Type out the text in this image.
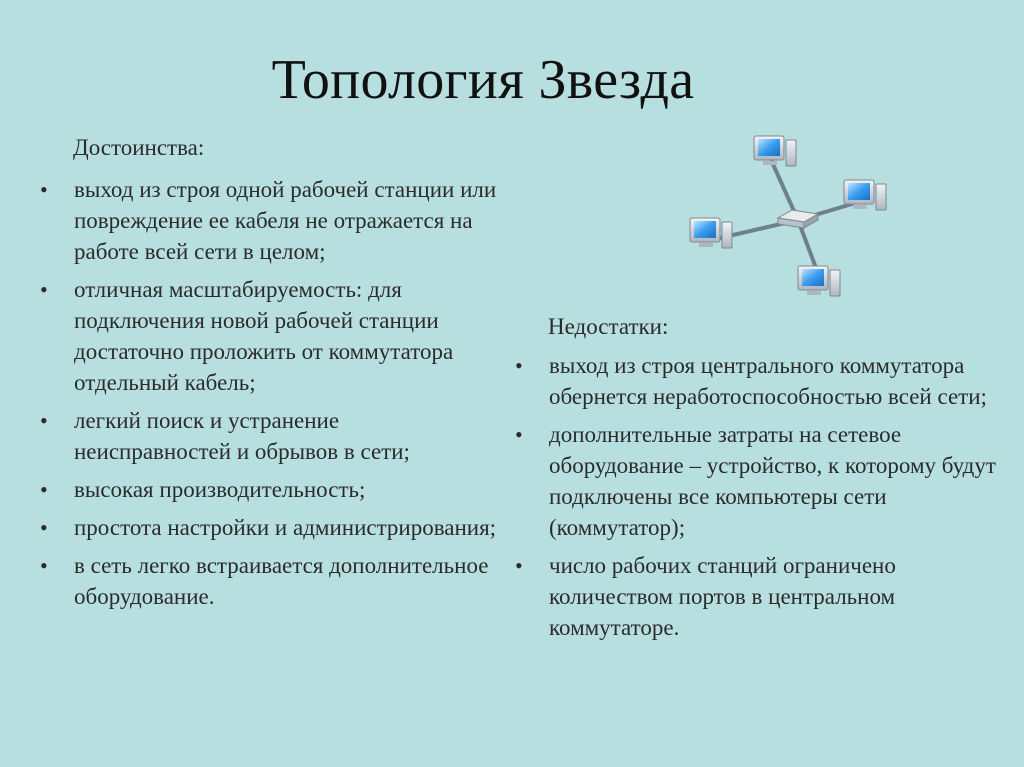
Топология Звезда
Достоинства:
• выход из строя одной рабочей станции или повреждение ее кабеля не отражается на работе всей сети в целом;
• отличная масштабируемость: для подключения новой рабочей станции достаточно проложить от коммутатора отдельный кабель;
• легкий поиск и устранение неисправностей и обрывов в сети;
• высокая производительность;
• простота настройки и администрирования;
• в сеть легко встраивается дополнительное оборудование.
Недостатки:
• выход из строя центрального коммутатора обернется неработоспособностью всей сети;
• дополнительные затраты на сетевое оборудование – устройство, к которому будут подключены все компьютеры сети (коммутатор);
• число рабочих станций ограничено количеством портов в центральном коммутаторе.
